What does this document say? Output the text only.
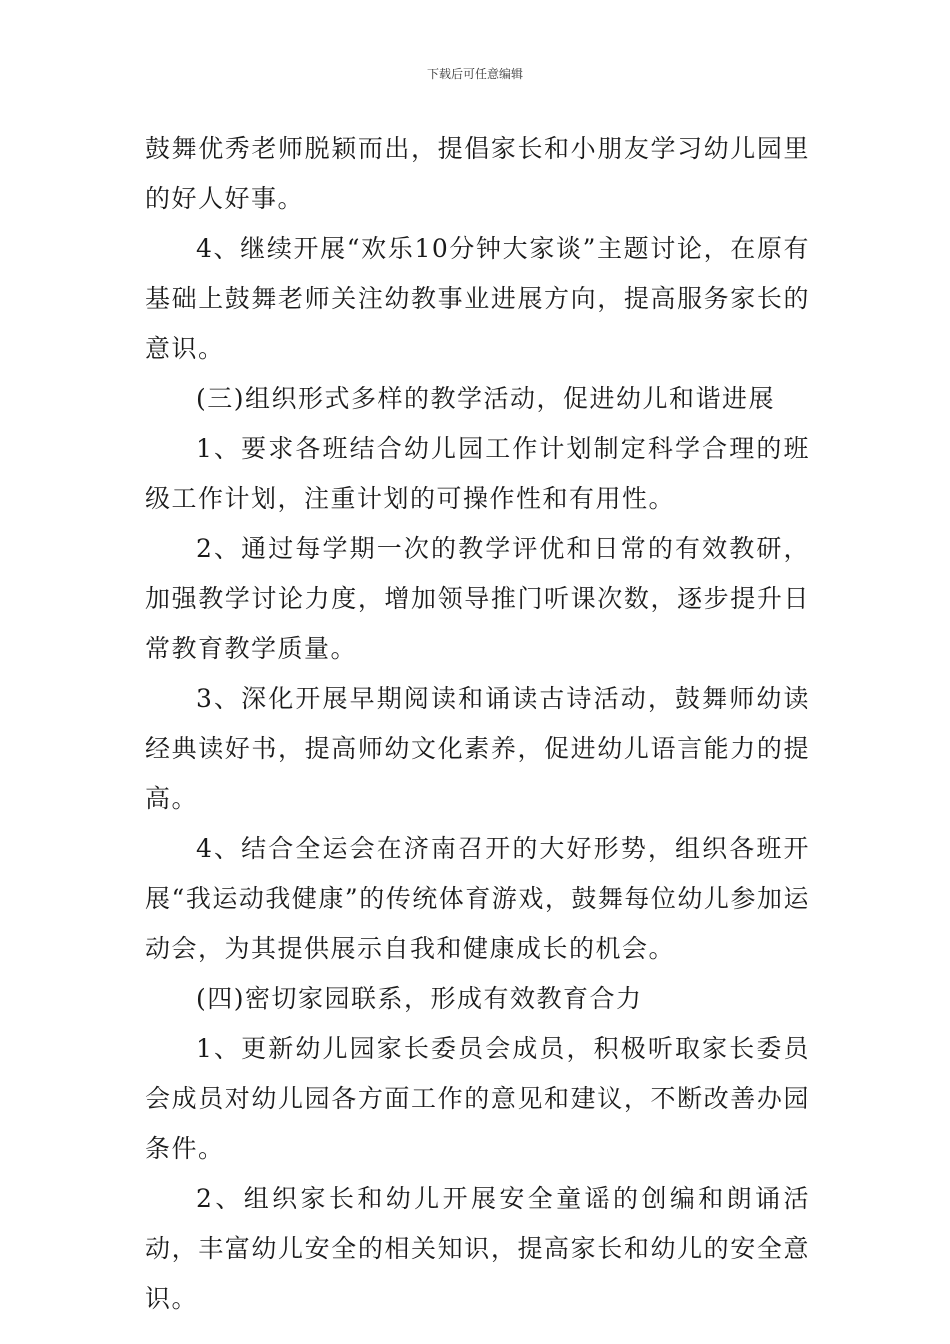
下载后可任意编辑

鼓舞优秀老师脱颖而出，提倡家长和小朋友学习幼儿园里的好人好事。

4、继续开展“欢乐10分钟大家谈”主题讨论，在原有基础上鼓舞老师关注幼教事业进展方向，提高服务家长的意识。

(三)组织形式多样的教学活动，促进幼儿和谐进展

1、要求各班结合幼儿园工作计划制定科学合理的班级工作计划，注重计划的可操作性和有用性。

2、通过每学期一次的教学评优和日常的有效教研，加强教学讨论力度，增加领导推门听课次数，逐步提升日常教育教学质量。

3、深化开展早期阅读和诵读古诗活动，鼓舞师幼读经典读好书，提高师幼文化素养，促进幼儿语言能力的提高。

4、结合全运会在济南召开的大好形势，组织各班开展“我运动我健康”的传统体育游戏，鼓舞每位幼儿参加运动会，为其提供展示自我和健康成长的机会。

(四)密切家园联系，形成有效教育合力

1、更新幼儿园家长委员会成员，积极听取家长委员会成员对幼儿园各方面工作的意见和建议，不断改善办园条件。

2、组织家长和幼儿开展安全童谣的创编和朗诵活动，丰富幼儿安全的相关知识，提高家长和幼儿的安全意识。
